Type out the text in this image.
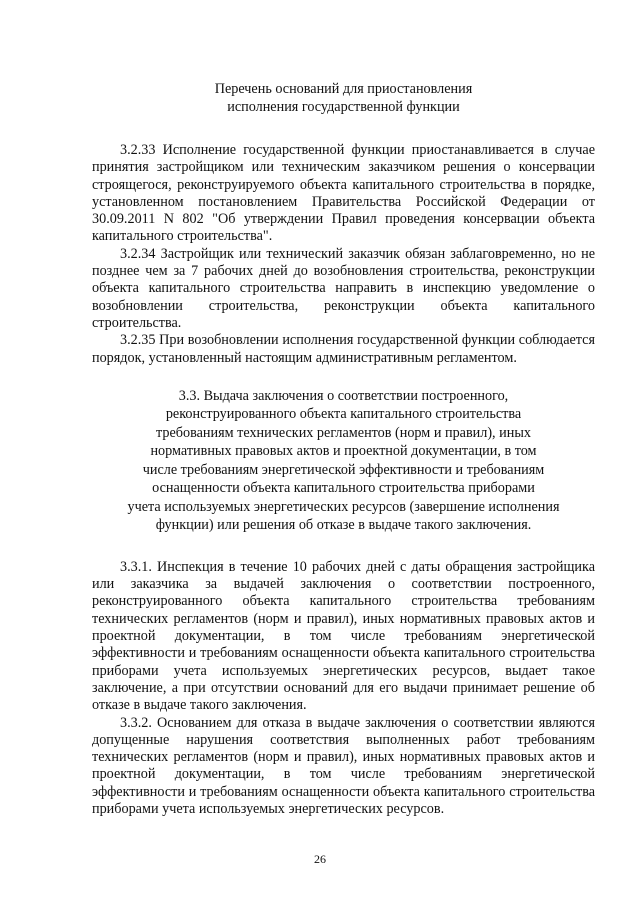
Перечень оснований для приостановления
исполнения государственной функции

3.2.33 Исполнение государственной функции приостанавливается в случае принятия застройщиком или техническим заказчиком решения о консервации строящегося, реконструируемого объекта капитального строительства в порядке, установленном постановлением Правительства Российской Федерации от 30.09.2011 N 802 "Об утверждении Правил проведения консервации объекта капитального строительства".

3.2.34 Застройщик или технический заказчик обязан заблаговременно, но не позднее чем за 7 рабочих дней до возобновления строительства, реконструкции объекта капитального строительства направить в инспекцию уведомление о возобновлении строительства, реконструкции объекта капитального строительства.

3.2.35 При возобновлении исполнения государственной функции соблюдается порядок, установленный настоящим административным регламентом.

3.3. Выдача заключения о соответствии построенного,
реконструированного объекта капитального строительства
требованиям технических регламентов (норм и правил), иных
нормативных правовых актов и проектной документации, в том
числе требованиям энергетической эффективности и требованиям
оснащенности объекта капитального строительства приборами
учета используемых энергетических ресурсов (завершение исполнения
функции) или решения об отказе в выдаче такого заключения.

3.3.1. Инспекция в течение 10 рабочих дней с даты обращения застройщика или заказчика за выдачей заключения о соответствии построенного, реконструированного объекта капитального строительства требованиям технических регламентов (норм и правил), иных нормативных правовых актов и проектной документации, в том числе требованиям энергетической эффективности и требованиям оснащенности объекта капитального строительства приборами учета используемых энергетических ресурсов, выдает такое заключение, а при отсутствии оснований для его выдачи принимает решение об отказе в выдаче такого заключения.

3.3.2. Основанием для отказа в выдаче заключения о соответствии являются допущенные нарушения соответствия выполненных работ требованиям технических регламентов (норм и правил), иных нормативных правовых актов и проектной документации, в том числе требованиям энергетической эффективности и требованиям оснащенности объекта капитального строительства приборами учета используемых энергетических ресурсов.

26
